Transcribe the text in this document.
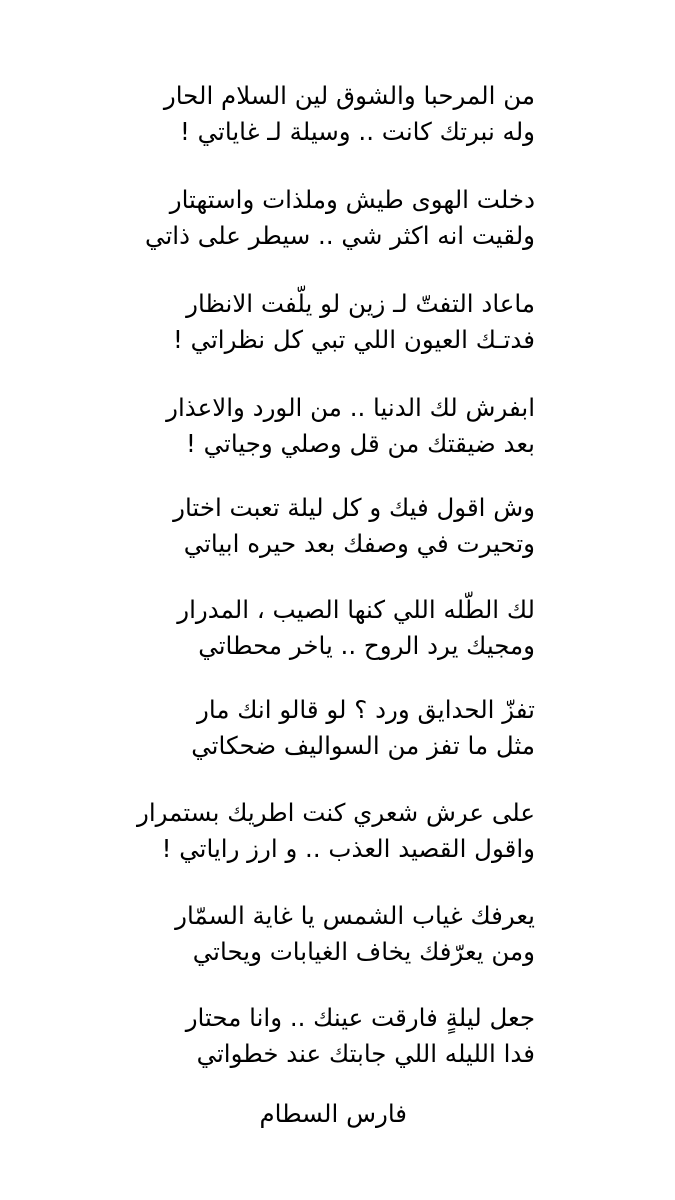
من المرحبا والشوق لين السلام الحار
وله نبرتك كانت .. وسيلة لـ غاياتي !
دخلت الهوى طيش وملذات واستهتار
ولقيت انه اكثر شي .. سيطر على ذاتي
ماعاد التفتّ لـ زين لو يلّفت الانظار
فدتـك العيون اللي تبي كل نظراتي !
ابفرش لك الدنيا .. من الورد والاعذار
بعد ضيقتك من قل وصلي وجياتي !
وش اقول فيك و كل ليلة تعبت اختار
وتحيرت في وصفك بعد حيره ابياتي
لك الطّله اللي كنها الصيب ، المدرار
ومجيك يرد الروح .. ياخر محطاتي
تفزّ الحدايق ورد ؟ لو قالو انك مار
مثل ما تفز من السواليف ضحكاتي
على عرش شعري كنت اطريك بستمرار
واقول القصيد العذب .. و ارز راياتي !
يعرفك غياب الشمس يا غاية السمّار
ومن يعرّفك يخاف الغيابات ويحاتي
جعل ليلةٍ فارقت عينك .. وانا محتار
فدا الليله اللي جابتك عند خطواتي
فارس السطام
